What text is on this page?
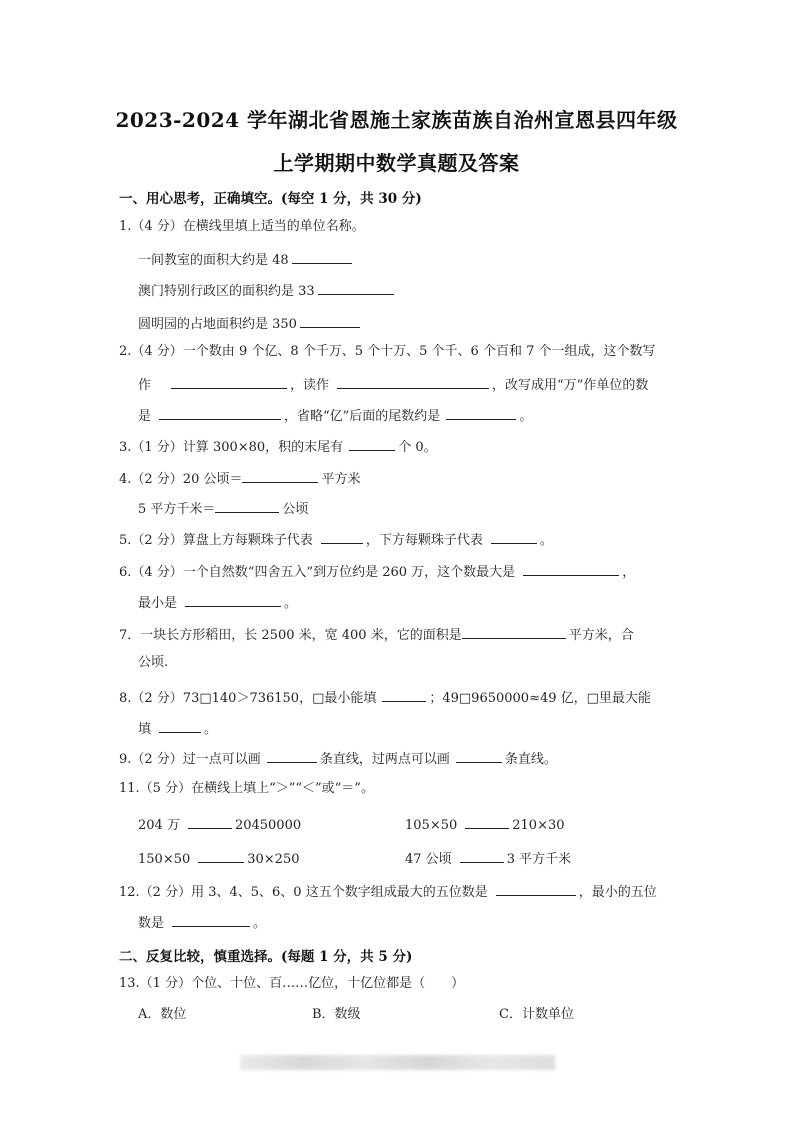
2023-2024 学年湖北省恩施土家族苗族自治州宣恩县四年级
上学期期中数学真题及答案
一、用心思考，正确填空。(每空 1 分，共 30 分)
1.（4 分）在横线里填上适当的单位名称。
一间教室的面积大约是 48
澳门特别行政区的面积约是 33
圆明园的占地面积约是 350
2.（4 分）一个数由 9 个亿、8 个千万、5 个十万、5 个千、6 个百和 7 个一组成，这个数写
作	，读作	，改写成用“万”作单位的数
是	，省略“亿”后面的尾数约是	。
3.（1 分）计算 300×80，积的末尾有	个 0。
4.（2 分）20 公顷＝	平方米
5 平方千米＝	公顷
5.（2 分）算盘上方每颗珠子代表	，下方每颗珠子代表	。
6.（4 分）一个自然数“四舍五入”到万位约是 260 万，这个数最大是	，
最小是	。
7．一块长方形稻田，长 2500 米，宽 400 米，它的面积是	平方米，合
公顷.
8.（2 分）73□140＞736150，□最小能填	；49□9650000≈49 亿，□里最大能
填	。
9.（2 分）过一点可以画	条直线，过两点可以画	条直线。
11.（5 分）在横线上填上“＞”“＜”或“＝”。
204 万	20450000	105×50	210×30
150×50	30×250	47 公顷	3 平方千米
12.（2 分）用 3、4、5、6、0 这五个数字组成最大的五位数是	，最小的五位
数是	。
二、反复比较，慎重选择。(每题 1 分，共 5 分)
13.（1 分）个位、十位、百……亿位，十亿位都是（　　）
A．数位	B．数级	C．计数单位
